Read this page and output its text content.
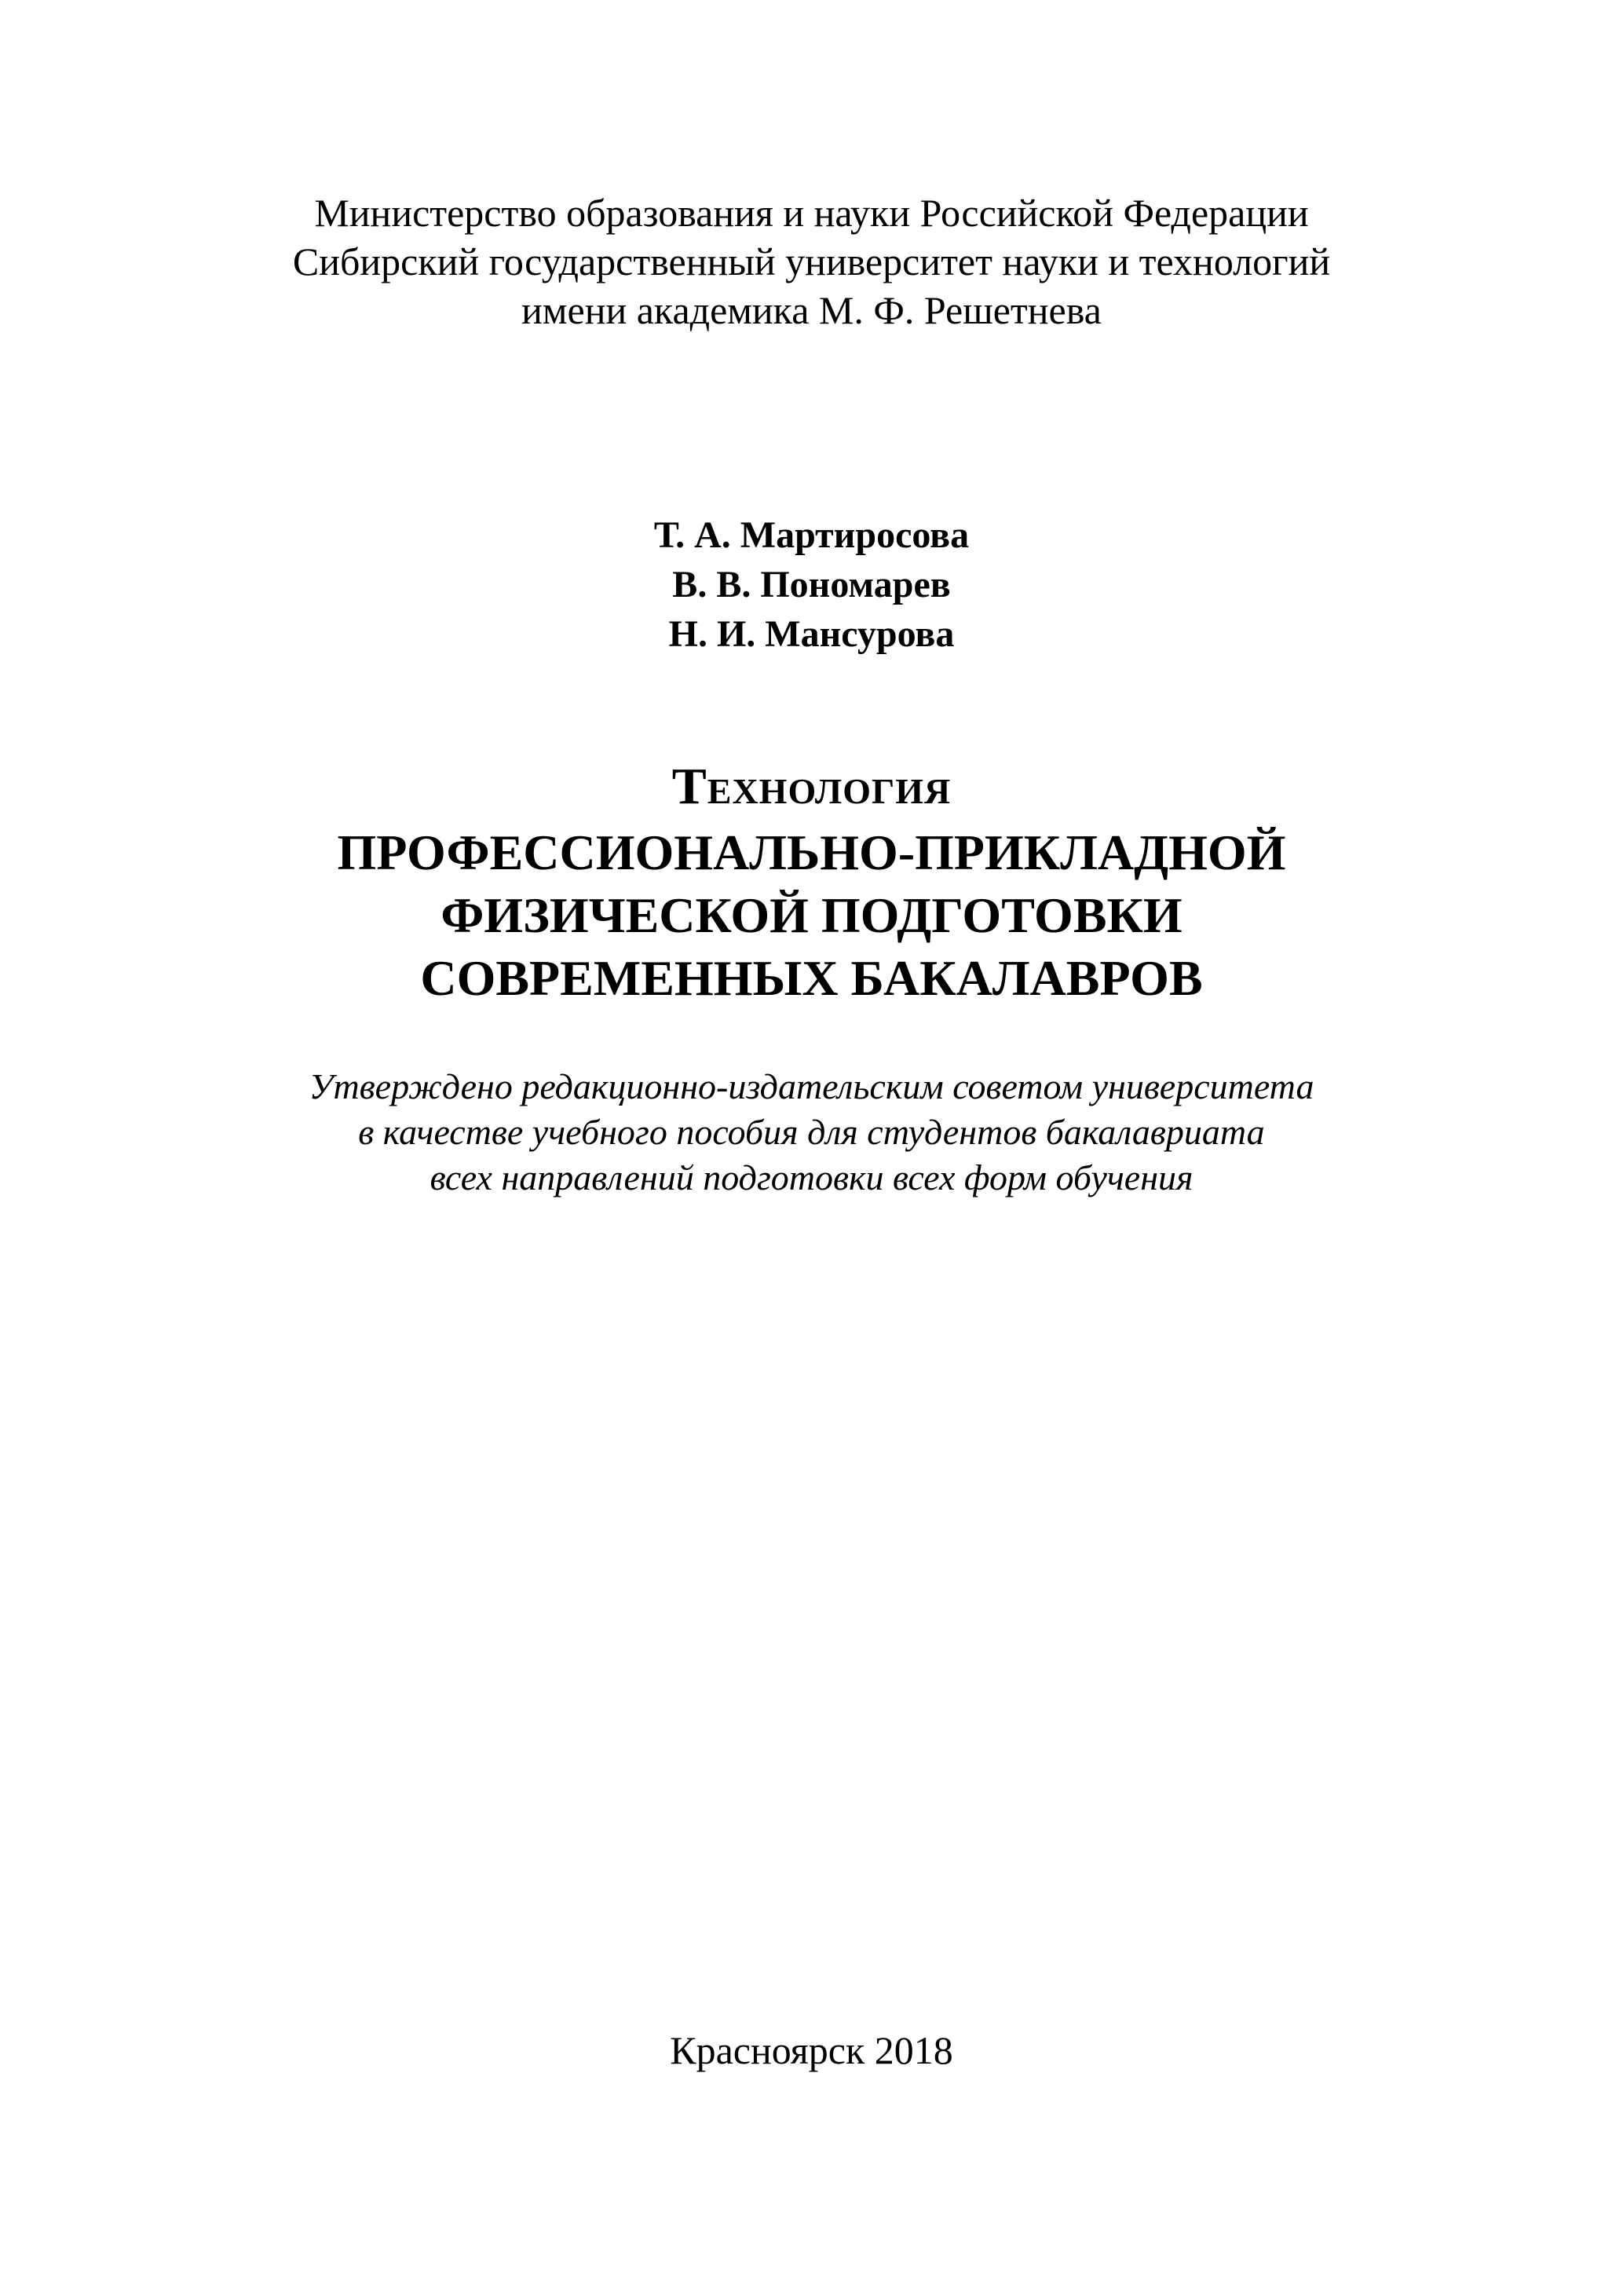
Министерство образования и науки Российской Федерации
Сибирский государственный университет науки и технологий
имени академика М. Ф. Решетнева
Т. А. Мартиросова
В. В. Пономарев
Н. И. Мансурова
Технология
ПРОФЕССИОНАЛЬНО-ПРИКЛАДНОЙ
ФИЗИЧЕСКОЙ ПОДГОТОВКИ
СОВРЕМЕННЫХ БАКАЛАВРОВ
Утверждено редакционно-издательским советом университета
в качестве учебного пособия для студентов бакалавриата
всех направлений подготовки всех форм обучения
Красноярск 2018
